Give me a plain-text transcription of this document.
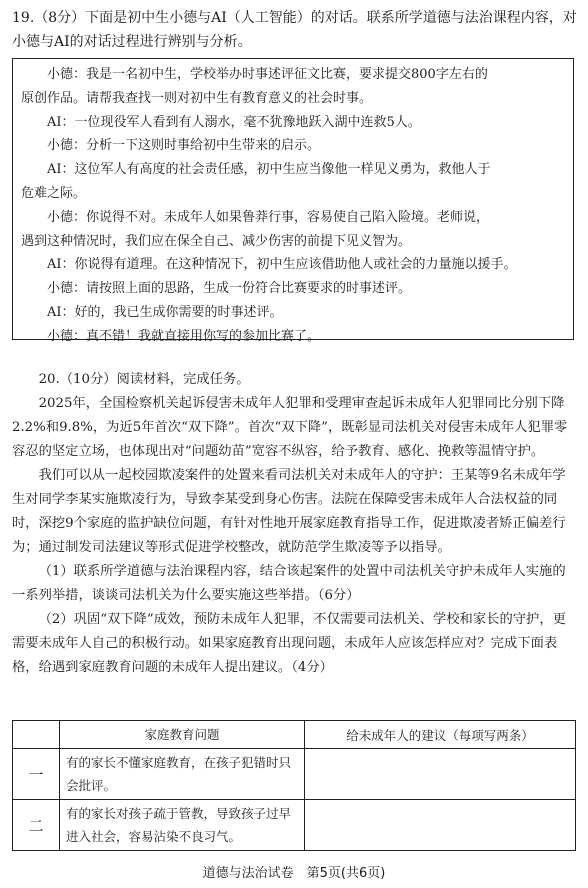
19.（8分）下面是初中生小德与AI（人工智能）的对话。联系所学道德与法治课程内容，对小德与AI的对话过程进行辨别与分析。

小德：我是一名初中生，学校举办时事述评征文比赛，要求提交800字左右的

原创作品。请帮我查找一则对初中生有教育意义的社会时事。

AI：一位现役军人看到有人溺水，毫不犹豫地跃入湖中连救5人。

小德：分析一下这则时事给初中生带来的启示。

AI：这位军人有高度的社会责任感，初中生应当像他一样见义勇为，救他人于

危难之际。

小德：你说得不对。未成年人如果鲁莽行事，容易使自己陷入险境。老师说，

遇到这种情况时，我们应在保全自己、减少伤害的前提下见义智为。

AI：你说得有道理。在这种情况下，初中生应该借助他人或社会的力量施以援手。

小德：请按照上面的思路，生成一份符合比赛要求的时事述评。

AI：好的，我已生成你需要的时事述评。

小德：真不错！我就直接用你写的参加比赛了。

20.（10分）阅读材料，完成任务。

2025年，全国检察机关起诉侵害未成年人犯罪和受理审查起诉未成年人犯罪同比分别下降2.2%和9.8%，为近5年首次“双下降”。首次“双下降”，既彰显司法机关对侵害未成年人犯罪零容忍的坚定立场，也体现出对“问题幼苗”宽容不纵容，给予教育、感化、挽救等温情守护。

我们可以从一起校园欺凌案件的处置来看司法机关对未成年人的守护：王某等9名未成年学生对同学李某实施欺凌行为，导致李某受到身心伤害。法院在保障受害未成年人合法权益的同时，深挖9个家庭的监护缺位问题，有针对性地开展家庭教育指导工作，促进欺凌者矫正偏差行为；通过制发司法建议等形式促进学校整改，就防范学生欺凌等予以指导。

（1）联系所学道德与法治课程内容，结合该起案件的处置中司法机关守护未成年人实施的一系列举措，谈谈司法机关为什么要实施这些举措。（6分）

（2）巩固“双下降”成效，预防未成年人犯罪，不仅需要司法机关、学校和家长的守护，更需要未成年人自己的积极行动。如果家庭教育出现问题，未成年人应该怎样应对？完成下面表格，给遇到家庭教育问题的未成年人提出建议。（4分）

	家庭教育问题	给未成年人的建议（每项写两条）
一	有的家长不懂家庭教育，在孩子犯错时只会批评。	
二	有的家长对孩子疏于管教，导致孩子过早进入社会，容易沾染不良习气。	
道德与法治试卷　第5页(共6页)
